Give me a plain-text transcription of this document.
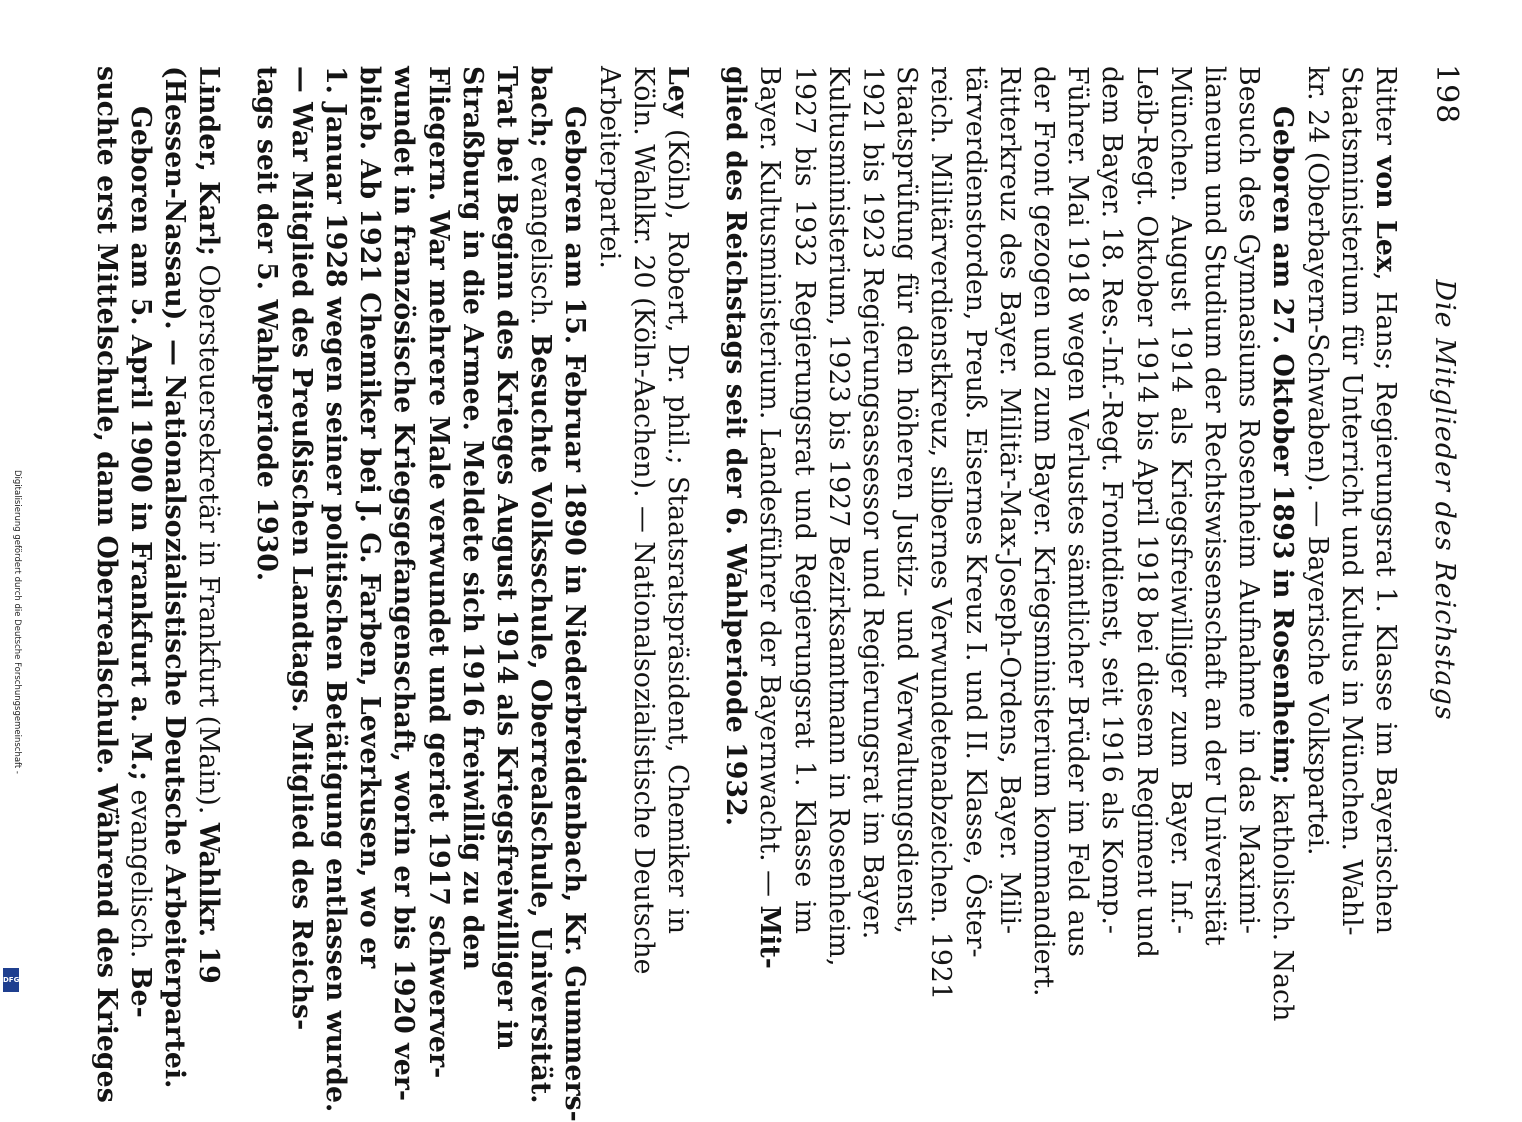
198
Die Mitglieder des Reichstags
Ritter von Lex, Hans; Regierungsrat 1. Klasse im Bayerischen
Staatsministerium für Unterricht und Kultus in München. Wahl-
kr. 24 (Oberbayern-Schwaben). — Bayerische Volkspartei.
Geboren am 27. Oktober 1893 in Rosenheim; katholisch. Nach
Besuch des Gymnasiums Rosenheim Aufnahme in das Maximi-
lianeum und Studium der Rechtswissenschaft an der Universität
München. August 1914 als Kriegsfreiwilliger zum Bayer. Inf.-
Leib-Regt. Oktober 1914 bis April 1918 bei diesem Regiment und
dem Bayer. 18. Res.-Inf.-Regt. Frontdienst, seit 1916 als Komp.-
Führer. Mai 1918 wegen Verlustes sämtlicher Brüder im Feld aus
der Front gezogen und zum Bayer. Kriegsministerium kommandiert.
Ritterkreuz des Bayer. Militär-Max-Joseph-Ordens, Bayer. Mili-
tärverdienstorden, Preuß. Eisernes Kreuz I. und II. Klasse, Öster-
reich. Militärverdienstkreuz, silbernes Verwundetenabzeichen. 1921
Staatsprüfung für den höheren Justiz- und Verwaltungsdienst,
1921 bis 1923 Regierungsassessor und Regierungsrat im Bayer.
Kultusministerium, 1923 bis 1927 Bezirksamtmann in Rosenheim,
1927 bis 1932 Regierungsrat und Regierungsrat 1. Klasse im
Bayer. Kultusministerium. Landesführer der Bayernwacht. — Mit-
glied des Reichstags seit der 6. Wahlperiode 1932.
Ley (Köln), Robert, Dr. phil.; Staatsratspräsident, Chemiker in
Köln. Wahlkr. 20 (Köln-Aachen). — Nationalsozialistische Deutsche
Arbeiterpartei.
Geboren am 15. Februar 1890 in Niederbreidenbach, Kr. Gummers-
bach; evangelisch. Besuchte Volksschule, Oberrealschule, Universität.
Trat bei Beginn des Krieges August 1914 als Kriegsfreiwilliger in
Straßburg in die Armee. Meldete sich 1916 freiwillig zu den
Fliegern. War mehrere Male verwundet und geriet 1917 schwerver-
wundet in französische Kriegsgefangenschaft, worin er bis 1920 ver-
blieb. Ab 1921 Chemiker bei J. G. Farben, Leverkusen, wo er
1. Januar 1928 wegen seiner politischen Betätigung entlassen wurde.
— War Mitglied des Preußischen Landtags. Mitglied des Reichs-
tags seit der 5. Wahlperiode 1930.
Linder, Karl; Obersteuersekretär in Frankfurt (Main). Wahlkr. 19
(Hessen-Nassau). — Nationalsozialistische Deutsche Arbeiterpartei.
Geboren am 5. April 1900 in Frankfurt a. M.; evangelisch. Be-
suchte erst Mittelschule, dann Oberrealschule. Während des Krieges
Digitalisierung gefördert durch die Deutsche Forschungsgemeinschaft -
DFG
